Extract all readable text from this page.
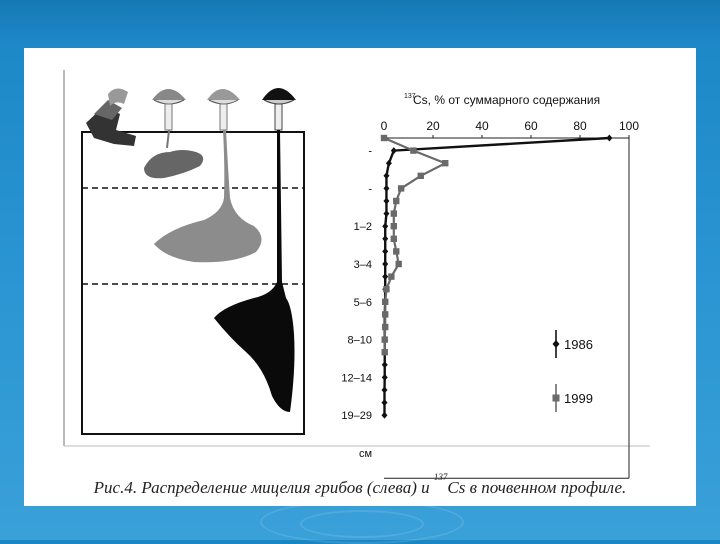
137
Cs, % от суммарного содержания
0	20	40	60	80	100
-
-
1–2
3–4
5–6
8–10
12–14
19–29
см
1986
1999
Рис.4. Распределение мицелия грибов (слева) и $^{137}$Cs в почвенном профиле.
